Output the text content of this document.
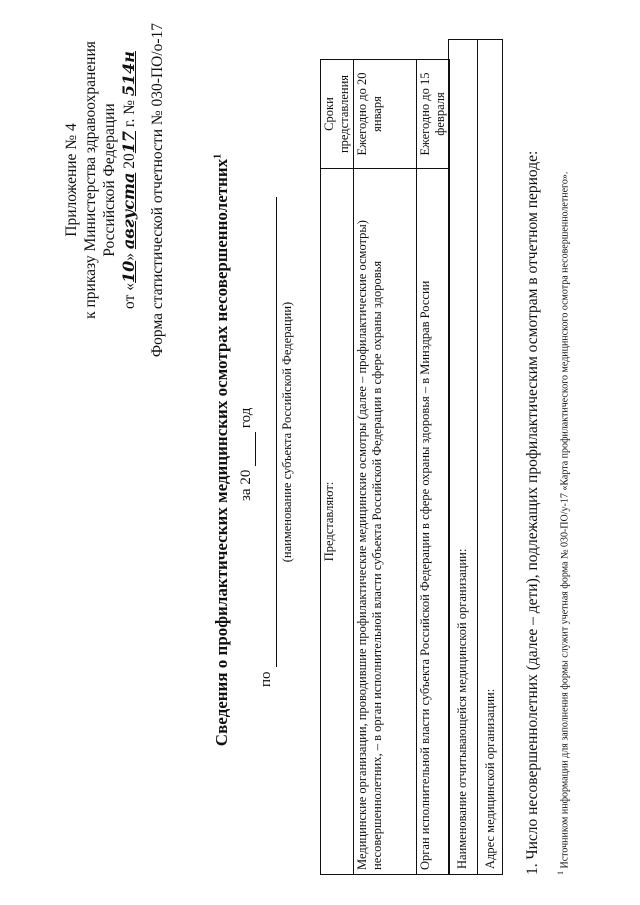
Приложение № 4 к приказу Министерства здравоохранения Российской Федерации
от «10» августа 2017 г. № 514н Форма статистической отчетности № 030-ПО/о-17	Сведения о профилактических медицинских осмотрах несовершеннолетних$^1$
за 20   год
по
(наименование субъекта Российской Федерации) Представляют:	Сроки представления
Медицинские организации, проводившие профилактические медицинские осмотры (далее – профилактические осмотры) несовершеннолетних, – в орган исполнительной власти субъекта Российской Федерации в сфере охраны здоровья	Ежегодно до 20 января
Орган исполнительной власти субъекта Российской Федерации в сфере охраны здоровья – в Минздрав России	Ежегодно до 15 февраля
Наименование отчитывающейся медицинской организации:	Адрес медицинской организации:	1. Число несовершеннолетних (далее – дети), подлежащих профилактическим осмотрам в отчетном периоде: $^1$ Источником информации для заполнения формы служит учетная форма № 030-ПО/у-17 «Карта профилактического медицинского осмотра несовершеннолетнего».
